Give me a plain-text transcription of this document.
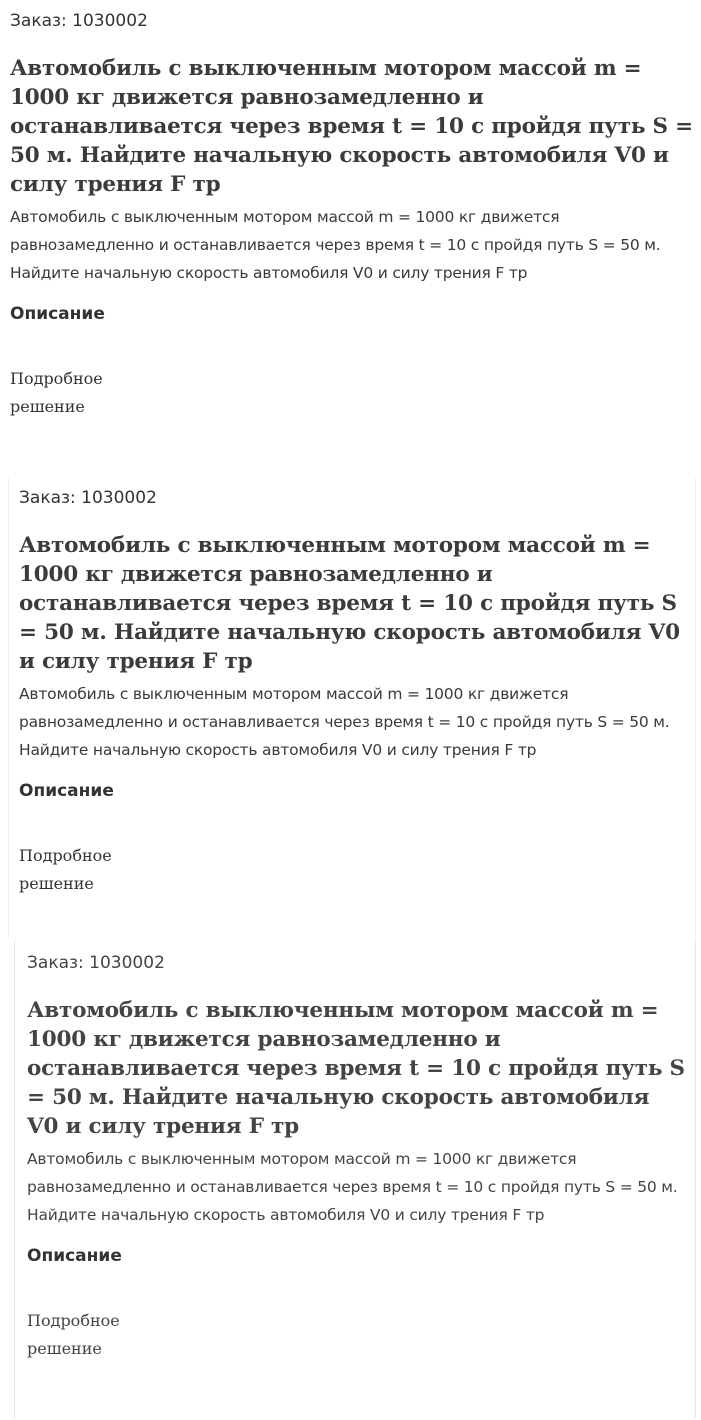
Заказ: 1030002
Автомобиль с выключенным мотором массой m = 1000 кг движется равнозамедленно и останавливается через время t = 10 с пройдя путь S = 50 м. Найдите начальную скорость автомобиля V0 и силу трения F тр
Автомобиль с выключенным мотором массой m = 1000 кг движется равнозамедленно и останавливается через время t = 10 с пройдя путь S = 50 м. Найдите начальную скорость автомобиля V0 и силу трения F тр
Описание
Подробное
решение
Заказ: 1030002
Автомобиль с выключенным мотором массой m = 1000 кг движется равнозамедленно и останавливается через время t = 10 с пройдя путь S = 50 м. Найдите начальную скорость автомобиля V0 и силу трения F тр
Автомобиль с выключенным мотором массой m = 1000 кг движется равнозамедленно и останавливается через время t = 10 с пройдя путь S = 50 м. Найдите начальную скорость автомобиля V0 и силу трения F тр
Описание
Подробное
решение
Заказ: 1030002
Автомобиль с выключенным мотором массой m = 1000 кг движется равнозамедленно и останавливается через время t = 10 с пройдя путь S = 50 м. Найдите начальную скорость автомобиля V0 и силу трения F тр
Автомобиль с выключенным мотором массой m = 1000 кг движется равнозамедленно и останавливается через время t = 10 с пройдя путь S = 50 м. Найдите начальную скорость автомобиля V0 и силу трения F тр
Описание
Подробное
решение
